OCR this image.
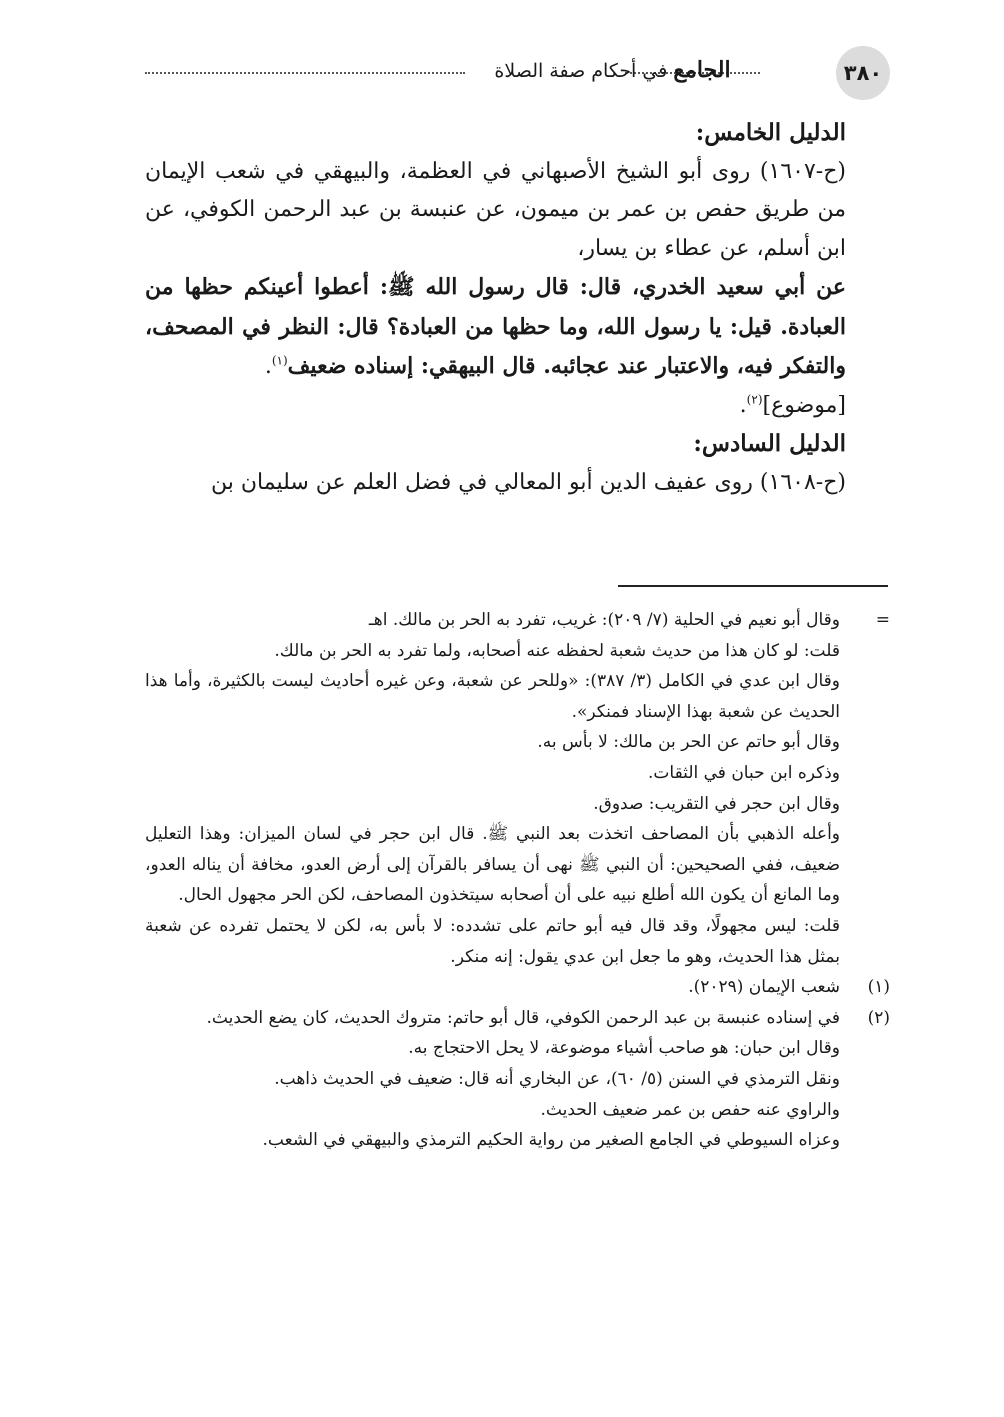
٣٨٠
الجامع في أحكام صفة الصلاة

الدليل الخامس:

(ح-١٦٠٧) روى أبو الشيخ الأصبهاني في العظمة، والبيهقي في شعب الإيمان من طريق حفص بن عمر بن ميمون، عن عنبسة بن عبد الرحمن الكوفي، عن ابن أسلم، عن عطاء بن يسار،

عن أبي سعيد الخدري، قال: قال رسول الله ﷺ: أعطوا أعينكم حظها من العبادة. قيل: يا رسول الله، وما حظها من العبادة؟ قال: النظر في المصحف، والتفكر فيه، والاعتبار عند عجائبه. قال البيهقي: إسناده ضعيف$^{(١)}$.

[موضوع]$^{(٢)}$.

الدليل السادس:

(ح-١٦٠٨) روى عفيف الدين أبو المعالي في فضل العلم عن سليمان بن

=
وقال أبو نعيم في الحلية (٧/ ٢٠٩): غريب، تفرد به الحر بن مالك. اهـ

قلت: لو كان هذا من حديث شعبة لحفظه عنه أصحابه، ولما تفرد به الحر بن مالك.

وقال ابن عدي في الكامل (٣/ ٣٨٧): «وللحر عن شعبة، وعن غيره أحاديث ليست بالكثيرة، وأما هذا الحديث عن شعبة بهذا الإسناد فمنكر».

وقال أبو حاتم عن الحر بن مالك: لا بأس به.

وذكره ابن حبان في الثقات.

وقال ابن حجر في التقريب: صدوق.

وأعله الذهبي بأن المصاحف اتخذت بعد النبي ﷺ. قال ابن حجر في لسان الميزان: وهذا التعليل ضعيف، ففي الصحيحين: أن النبي ﷺ نهى أن يسافر بالقرآن إلى أرض العدو، مخافة أن يناله العدو، وما المانع أن يكون الله أطلع نبيه على أن أصحابه سيتخذون المصاحف، لكن الحر مجهول الحال.

قلت: ليس مجهولًا، وقد قال فيه أبو حاتم على تشدده: لا بأس به، لكن لا يحتمل تفرده عن شعبة بمثل هذا الحديث، وهو ما جعل ابن عدي يقول: إنه منكر.

(١)
شعب الإيمان (٢٠٢٩).

(٢)
في إسناده عنبسة بن عبد الرحمن الكوفي، قال أبو حاتم: متروك الحديث، كان يضع الحديث.

وقال ابن حبان: هو صاحب أشياء موضوعة، لا يحل الاحتجاج به.

ونقل الترمذي في السنن (٥/ ٦٠)، عن البخاري أنه قال: ضعيف في الحديث ذاهب.

والراوي عنه حفص بن عمر ضعيف الحديث.

وعزاه السيوطي في الجامع الصغير من رواية الحكيم الترمذي والبيهقي في الشعب.
